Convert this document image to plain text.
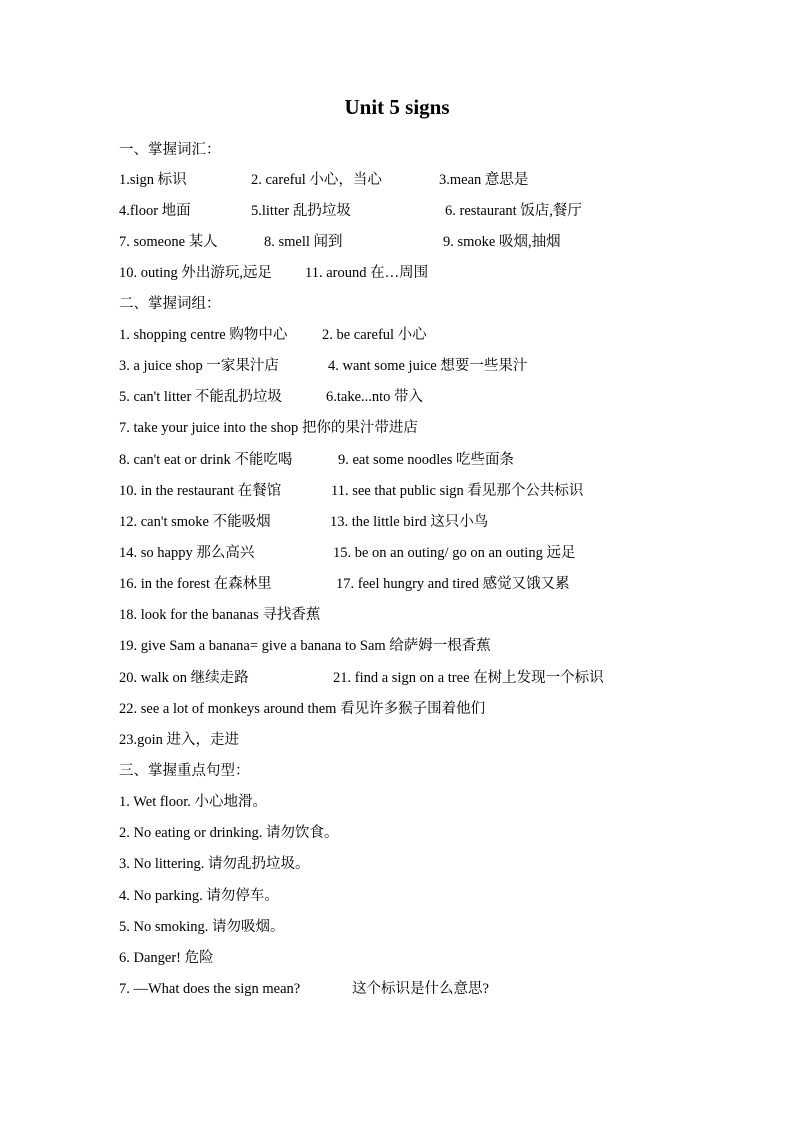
Unit 5 signs
一、掌握词汇：
1.sign 标识	2. careful 小心，当心	3.mean 意思是
4.floor 地面	5.litter 乱扔垃圾	6. restaurant 饭店,餐厅
7. someone 某人	8. smell 闻到	9. smoke 吸烟,抽烟
10. outing 外出游玩,远足 11. around 在…周围
二、掌握词组：
1. shopping centre 购物中心 2. be careful 小心
3. a juice shop 一家果汁店	4. want some juice 想要一些果汁
5. can't litter 不能乱扔垃圾	6.take...nto 带入
7. take your juice into the shop 把你的果汁带进店
8. can't eat or drink 不能吃喝	9. eat some noodles 吃些面条
10. in the restaurant 在餐馆	11. see that public sign 看见那个公共标识
12. can't smoke 不能吸烟	13. the little bird 这只小鸟
14. so happy 那么高兴	15. be on an outing/ go on an outing 远足
16. in the forest 在森林里	17. feel hungry and tired 感觉又饿又累
18. look for the bananas 寻找香蕉
19. give Sam a banana= give a banana to Sam 给萨姆一根香蕉
20. walk on 继续走路	21. find a sign on a tree 在树上发现一个标识
22. see a lot of monkeys around them 看见许多猴子围着他们
23.goin 进入，走进
三、掌握重点句型：
1. Wet floor. 小心地滑。
2. No eating or drinking. 请勿饮食。
3. No littering. 请勿乱扔垃圾。
4. No parking. 请勿停车。
5. No smoking. 请勿吸烟。
6. Danger! 危险
7. —What does the sign mean?	这个标识是什么意思?
